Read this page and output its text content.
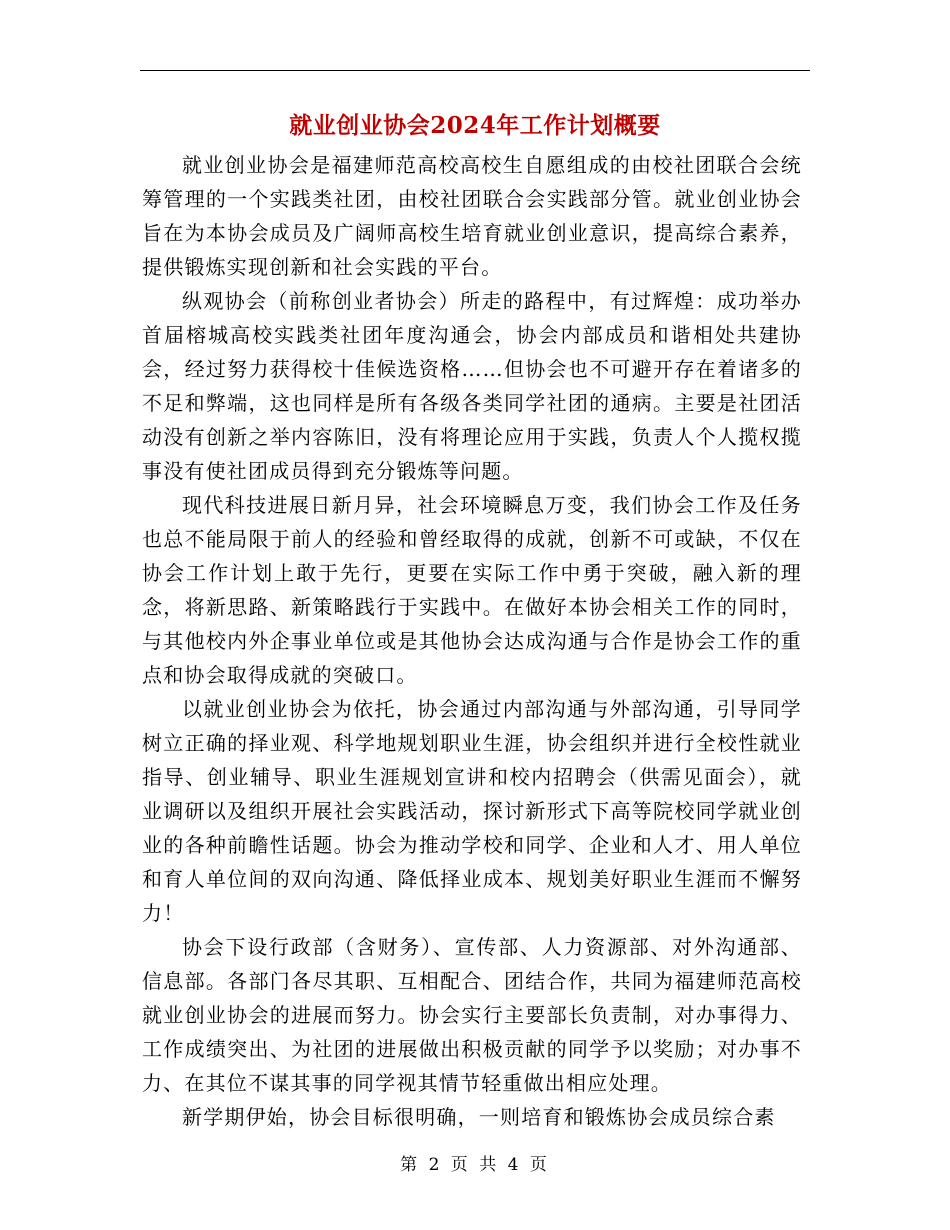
就业创业协会2024年工作计划概要

就业创业协会是福建师范高校高校生自愿组成的由校社团联合会统筹管理的一个实践类社团，由校社团联合会实践部分管。就业创业协会旨在为本协会成员及广阔师高校生培育就业创业意识，提高综合素养，提供锻炼实现创新和社会实践的平台。

纵观协会（前称创业者协会）所走的路程中，有过辉煌：成功举办首届榕城高校实践类社团年度沟通会，协会内部成员和谐相处共建协会，经过努力获得校十佳候选资格……但协会也不可避开存在着诸多的不足和弊端，这也同样是所有各级各类同学社团的通病。主要是社团活动没有创新之举内容陈旧，没有将理论应用于实践，负责人个人揽权揽事没有使社团成员得到充分锻炼等问题。

现代科技进展日新月异，社会环境瞬息万变，我们协会工作及任务也总不能局限于前人的经验和曾经取得的成就，创新不可或缺，不仅在协会工作计划上敢于先行，更要在实际工作中勇于突破，融入新的理念，将新思路、新策略践行于实践中。在做好本协会相关工作的同时，与其他校内外企事业单位或是其他协会达成沟通与合作是协会工作的重点和协会取得成就的突破口。

以就业创业协会为依托，协会通过内部沟通与外部沟通，引导同学树立正确的择业观、科学地规划职业生涯，协会组织并进行全校性就业指导、创业辅导、职业生涯规划宣讲和校内招聘会（供需见面会），就业调研以及组织开展社会实践活动，探讨新形式下高等院校同学就业创业的各种前瞻性话题。协会为推动学校和同学、企业和人才、用人单位和育人单位间的双向沟通、降低择业成本、规划美好职业生涯而不懈努力！

协会下设行政部（含财务）、宣传部、人力资源部、对外沟通部、信息部。各部门各尽其职、互相配合、团结合作，共同为福建师范高校就业创业协会的进展而努力。协会实行主要部长负责制，对办事得力、工作成绩突出、为社团的进展做出积极贡献的同学予以奖励；对办事不力、在其位不谋其事的同学视其情节轻重做出相应处理。

新学期伊始，协会目标很明确，一则培育和锻炼协会成员综合素

第 2 页 共 4 页
